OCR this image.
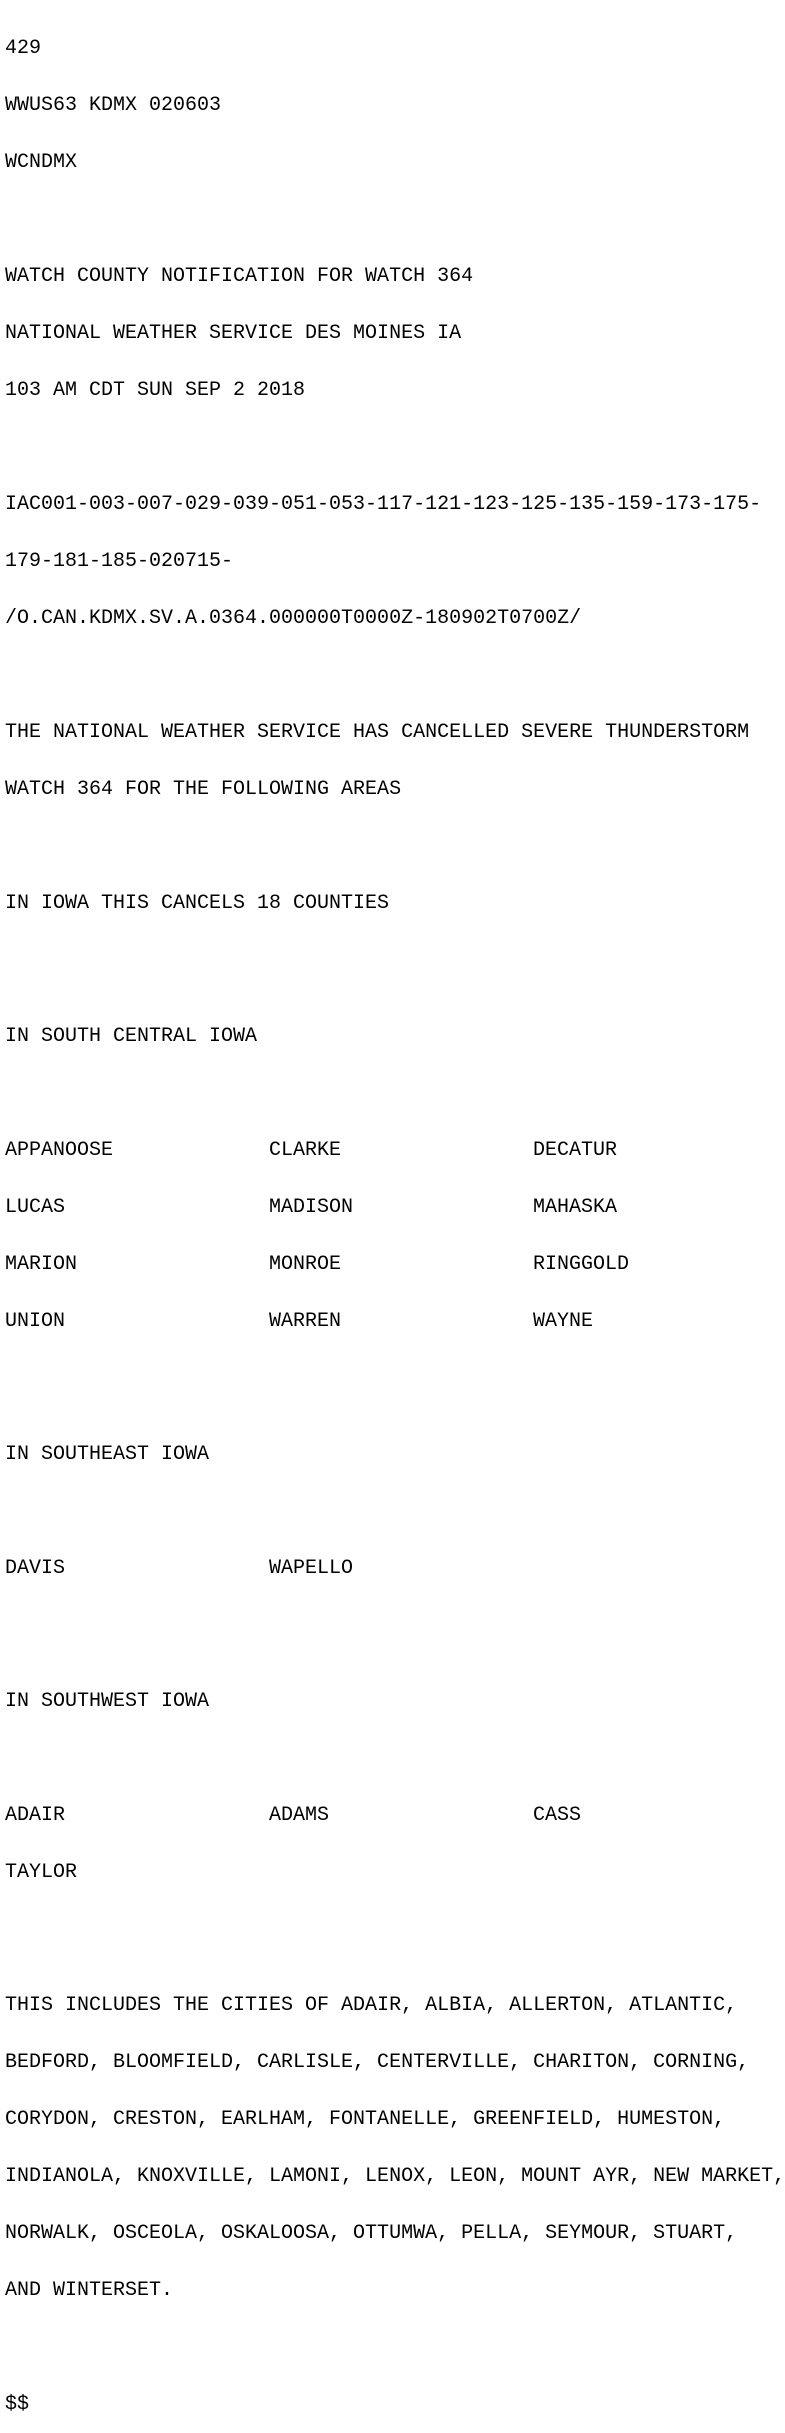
429

WWUS63 KDMX 020603

WCNDMX

WATCH COUNTY NOTIFICATION FOR WATCH 364

NATIONAL WEATHER SERVICE DES MOINES IA

103 AM CDT SUN SEP 2 2018

IAC001-003-007-029-039-051-053-117-121-123-125-135-159-173-175-

179-181-185-020715-

/O.CAN.KDMX.SV.A.0364.000000T0000Z-180902T0700Z/

THE NATIONAL WEATHER SERVICE HAS CANCELLED SEVERE THUNDERSTORM

WATCH 364 FOR THE FOLLOWING AREAS

IN IOWA THIS CANCELS 18 COUNTIES

IN SOUTH CENTRAL IOWA

APPANOOSE	CLARKE	DECATUR

LUCAS	MADISON	MAHASKA

MARION	MONROE	RINGGOLD

UNION	WARREN	WAYNE

IN SOUTHEAST IOWA

DAVIS	WAPELLO

IN SOUTHWEST IOWA

ADAIR	ADAMS	CASS

TAYLOR

THIS INCLUDES THE CITIES OF ADAIR, ALBIA, ALLERTON, ATLANTIC,

BEDFORD, BLOOMFIELD, CARLISLE, CENTERVILLE, CHARITON, CORNING,

CORYDON, CRESTON, EARLHAM, FONTANELLE, GREENFIELD, HUMESTON,

INDIANOLA, KNOXVILLE, LAMONI, LENOX, LEON, MOUNT AYR, NEW MARKET,

NORWALK, OSCEOLA, OSKALOOSA, OTTUMWA, PELLA, SEYMOUR, STUART,

AND WINTERSET.

$$
